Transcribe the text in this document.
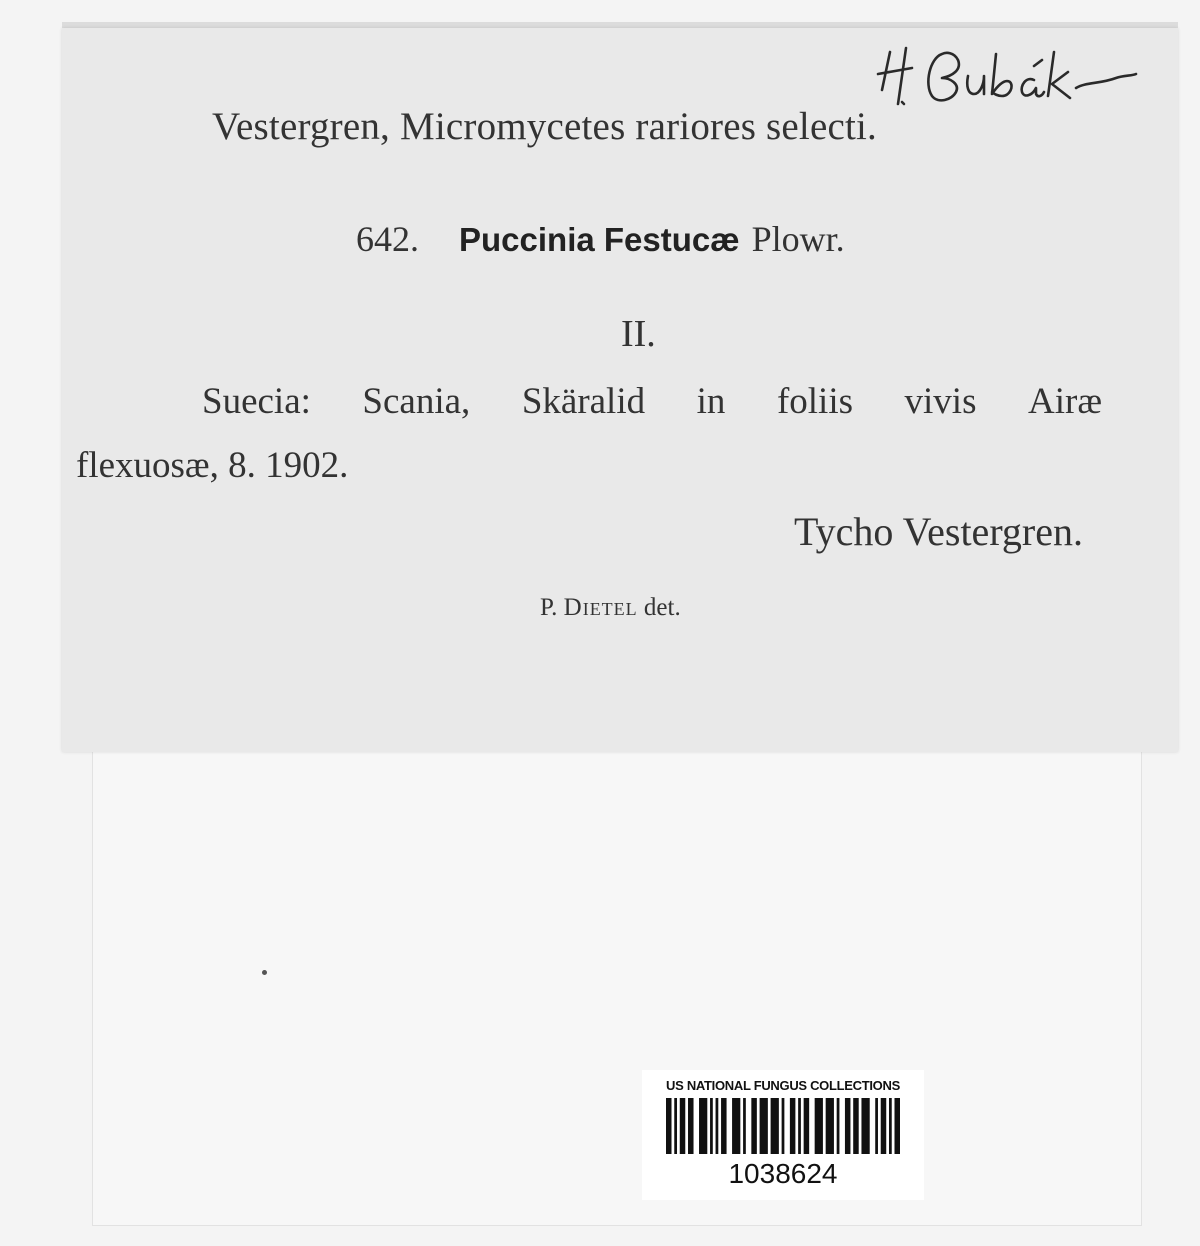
Vestergren, Micromycetes rariores selecti.
642. Puccinia Festucæ Plowr.
II.
Suecia: Scania, Skäralid in foliis vivis Airæ
flexuosæ, 8. 1902.
Tycho Vestergren.
P. Dietel det.
US NATIONAL FUNGUS COLLECTIONS
1038624
